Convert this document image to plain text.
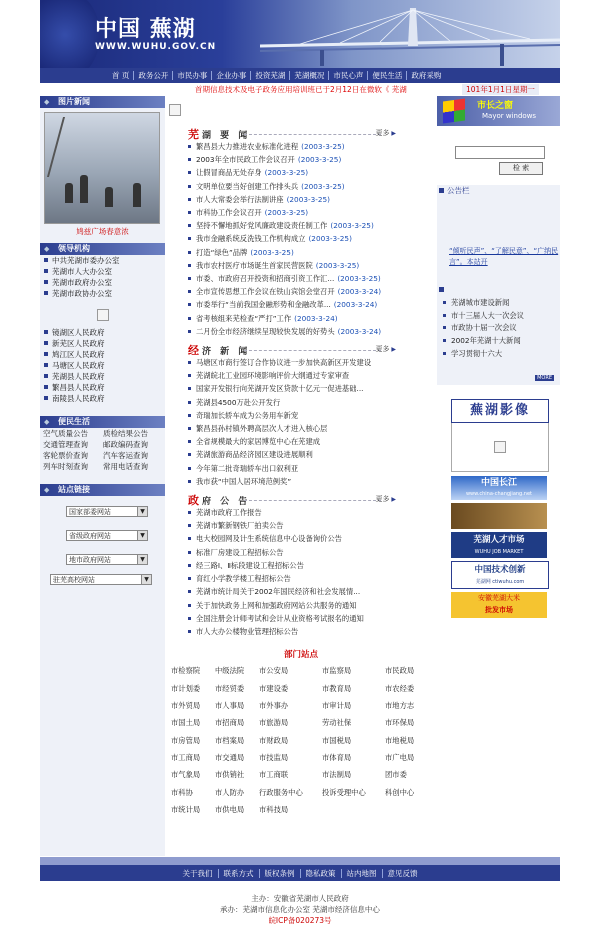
中国 蕪湖
WWW.WUHU.GOV.CN
首 页	政务公开	市民办事	企业办事	投资芜湖	芜湖概况	市民心声	便民生活	政府采购
首期信息技术及电子政务应用培训班已于2月12日在微软《 芜湖	101年1月1日星期一
◆ 图片新闻
鸠兹广场春意浓
◆ 领导机构
中共芜湖市委办公室
芜湖市人大办公室
芜湖市政府办公室
芜湖市政协办公室
镜湖区人民政府
新芜区人民政府
鸠江区人民政府
马塘区人民政府
芜湖县人民政府
繁昌县人民政府
南陵县人民政府
◆ 便民生活
空气质量公告	质检结果公告
交通管理查询	邮政编码查询
客轮票价查询	汽车客运查询
列车时刻查询	常用电话查询
◆ 站点链接
国家部委网站	▼
省级政府网站	▼
地市政府网站	▼
驻芜高校网站	▼
芜湖 要 闻	更多 ▶
繁昌县大力推进农业标准化进程 (2003-3-25)
2003年全市民政工作会议召开 (2003-3-25)
让假冒商品无处存身 (2003-3-25)
文明单位要当好创建工作排头兵 (2003-3-25)
市人大常委会举行法制讲座 (2003-3-25)
市科协工作会议召开 (2003-3-25)
坚持不懈地抓好党风廉政建设责任制工作 (2003-3-25)
我市金融系统反洗钱工作机构成立 (2003-3-25)
打造“绿色”品牌 (2003-3-25)
我市农村医疗市场诞生首家民营医院 (2003-3-25)
市委、市政府召开投资和招商引资工作汇... (2003-3-25)
全市宣传思想工作会议在铁山宾馆会堂召开 (2003-3-24)
市委举行“当前我国金融形势和金融改革... (2003-3-24)
省考核组来芜检查“严打”工作 (2003-3-24)
二月份全市经济继续呈现较快发展的好势头 (2003-3-24)
经济 新 闻	更多 ▶
马塘区市商行签订合作协议进一步加快高新区开发建设
芜湖皖北工业园环境影响评价大纲通过专家审查
国家开发银行向芜湖开发区贷款十亿元一促进基础...
芜湖县4500万赴公开发行
奇瑞加长轿车成为公务用车新宠
繁昌县孙村镇外聘高层次人才进入核心层
全省规模最大的家居博览中心在芜建成
芜湖旅游商品经济园区建设进展顺利
今年第二批奇瑞轿车出口叙利亚
我市获“中国人居环境范例奖”
政府 公 告	更多 ▶
芜湖市政府工作报告
芜湖市繁新钢铁厂拍卖公告
电大校园网及计生系统信息中心设备询价公告
标准厂房建设工程招标公告
经三路Ⅰ、Ⅱ标段建设工程招标公告
育红小学教学楼工程招标公告
芜湖市统计局关于2002年国民经济和社会发展情...
关于加快政务上网和加强政府网站公共服务的通知
全国注册会计师考试和会计从业资格考试报名的通知
市人大办公楼物业管理招标公告
部门站点
市检察院	中级法院	市公安局	市监察局	市民政局
市计划委	市经贸委	市建设委	市教育局	市农经委
市外贸局	市人事局	市外事办	市审计局	市地方志
市国土局	市招商局	市旅游局	劳动社保	市环保局
市房管局	市档案局	市财政局	市国税局	市地税局
市工商局	市交通局	市技监局	市体育局	市广电局
市气象局	市供销社	市工商联	市法制局	团市委
市科协	市人防办	行政服务中心	投诉受理中心	科创中心
市统计局	市供电局	市科技局
市长之窗
Mayor windows
检 索
公告栏
“倾听民声”、“了解民意”、“广纳民言”。本站开
芜湖城市建设新闻
市十三届人大一次会议
市政协十届一次会议
2002年芜湖十大新闻
学习贯彻十六大
MORE
蕪湖影像
中国长江
www.china-changjiang.net
芜湖人才市场
WUHU JOB MARKET
中国技术创新
芜湖网 ctiwuhu.com
安徽芜湖大米
批发市场
关于我们	联系方式	版权条例	隐私政策	站内地图	意见反馈
主办：安徽省芜湖市人民政府
承办：芜湖市信息化办公室 芜湖市经济信息中心
皖ICP备020273号
